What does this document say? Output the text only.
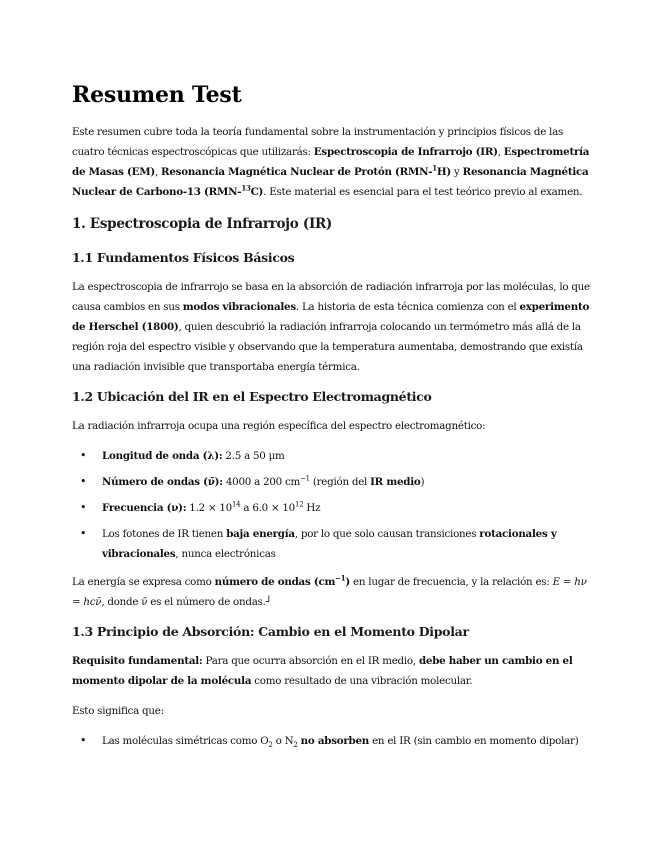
Resumen Test

Este resumen cubre toda la teoría fundamental sobre la instrumentación y principios físicos de las cuatro técnicas espectroscópicas que utilizarás: Espectroscopia de Infrarrojo (IR), Espectrometría de Masas (EM), Resonancia Magnética Nuclear de Protón (RMN-$^1$H) y Resonancia Magnética Nuclear de Carbono-13 (RMN-$^{13}$C). Este material es esencial para el test teórico previo al examen.

1. Espectroscopia de Infrarrojo (IR)
1.1 Fundamentos Físicos Básicos

La espectroscopia de infrarrojo se basa en la absorción de radiación infrarroja por las moléculas, lo que causa cambios en sus modos vibracionales. La historia de esta técnica comienza con el experimento de Herschel (1800), quien descubrió la radiación infrarroja colocando un termómetro más allá de la región roja del espectro visible y observando que la temperatura aumentaba, demostrando que existía una radiación invisible que transportaba energía térmica.

1.2 Ubicación del IR en el Espectro Electromagnético

La radiación infrarroja ocupa una región específica del espectro electromagnético:

• Longitud de onda (λ): 2.5 a 50 μm
• Número de ondas (ν̄): 4000 a 200 $cm^{-1}$ (región del IR medio)
• Frecuencia (ν): $1.2 \times 10^{14}$ a $6.0 \times 10^{12}$ Hz
• Los fotones de IR tienen baja energía, por lo que solo causan transiciones rotacionales y vibracionales, nunca electrónicas

La energía se expresa como número de ondas $(cm^{-1})$ en lugar de frecuencia, y la relación es: E = hν = hcν̄, donde ν̄ es el número de ondas.┘

1.3 Principio de Absorción: Cambio en el Momento Dipolar

Requisito fundamental: Para que ocurra absorción en el IR medio, debe haber un cambio en el momento dipolar de la molécula como resultado de una vibración molecular.

Esto significa que:

• Las moléculas simétricas como $O_2$ o $N_2$ no absorben en el IR (sin cambio en momento dipolar)
